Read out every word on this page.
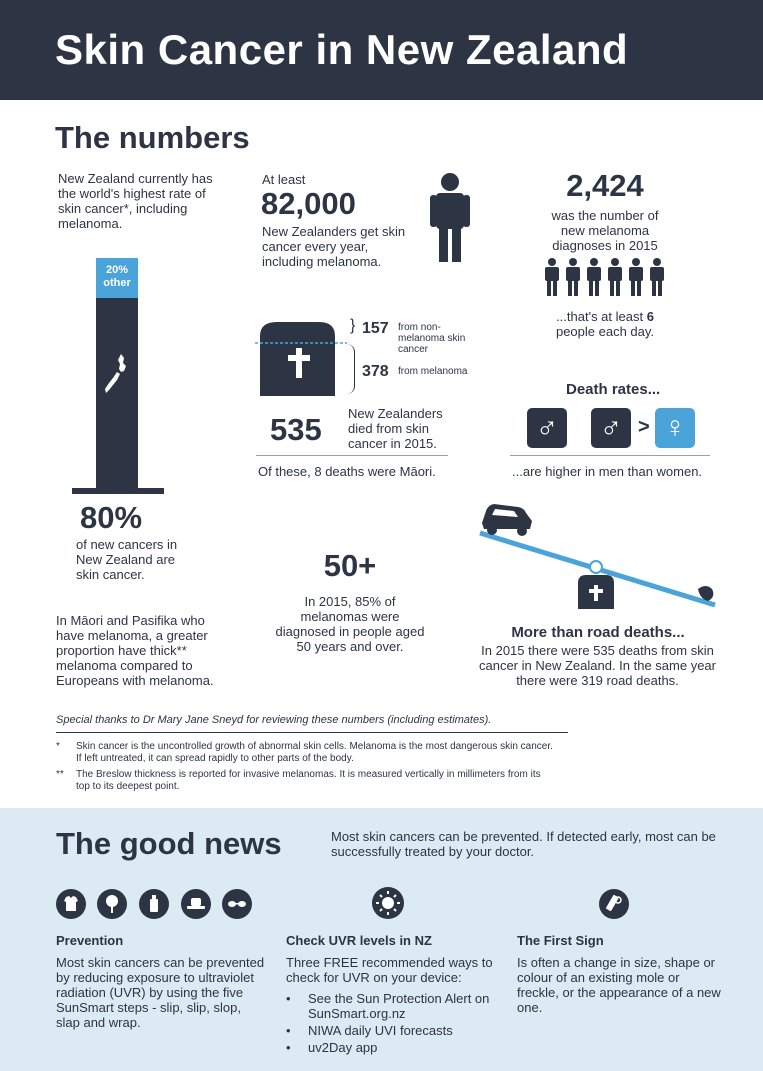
Skin Cancer in New Zealand
The numbers
New Zealand currently has the world's highest rate of skin cancer*, including melanoma.
20%
other
80%
of new cancers in New Zealand are skin cancer.
At least
82,000
New Zealanders get skin cancer every year, including melanoma.
2,424
was the number of new melanoma diagnoses in 2015
...that's at least 6 people each day.
} 157 from non-melanoma skin cancer
378 from melanoma
535 New Zealanders died from skin cancer in 2015.
Of these, 8 deaths were Māori.
Death rates...
♂ ♂ > ♀
...are higher in men than women.
50+
In 2015, 85% of melanomas were diagnosed in people aged 50 years and over.
More than road deaths...
In 2015 there were 535 deaths from skin cancer in New Zealand. In the same year there were 319 road deaths.
In Māori and Pasifika who have melanoma, a greater proportion have thick** melanoma compared to Europeans with melanoma.
Special thanks to Dr Mary Jane Sneyd for reviewing these numbers (including estimates).
*	Skin cancer is the uncontrolled growth of abnormal skin cells. Melanoma is the most dangerous skin cancer. If left untreated, it can spread rapidly to other parts of the body.
**	The Breslow thickness is reported for invasive melanomas. It is measured vertically in millimeters from its top to its deepest point.
The good news	Most skin cancers can be prevented. If detected early, most can be successfully treated by your doctor.
Prevention
Most skin cancers can be prevented by reducing exposure to ultraviolet radiation (UVR) by using the five SunSmart steps - slip, slip, slop, slap and wrap.
Check UVR levels in NZ
Three FREE recommended ways to check for UVR on your device:
• See the Sun Protection Alert on SunSmart.org.nz
• NIWA daily UVI forecasts
• uv2Day app
The First Sign
Is often a change in size, shape or colour of an existing mole or freckle, or the appearance of a new one.
